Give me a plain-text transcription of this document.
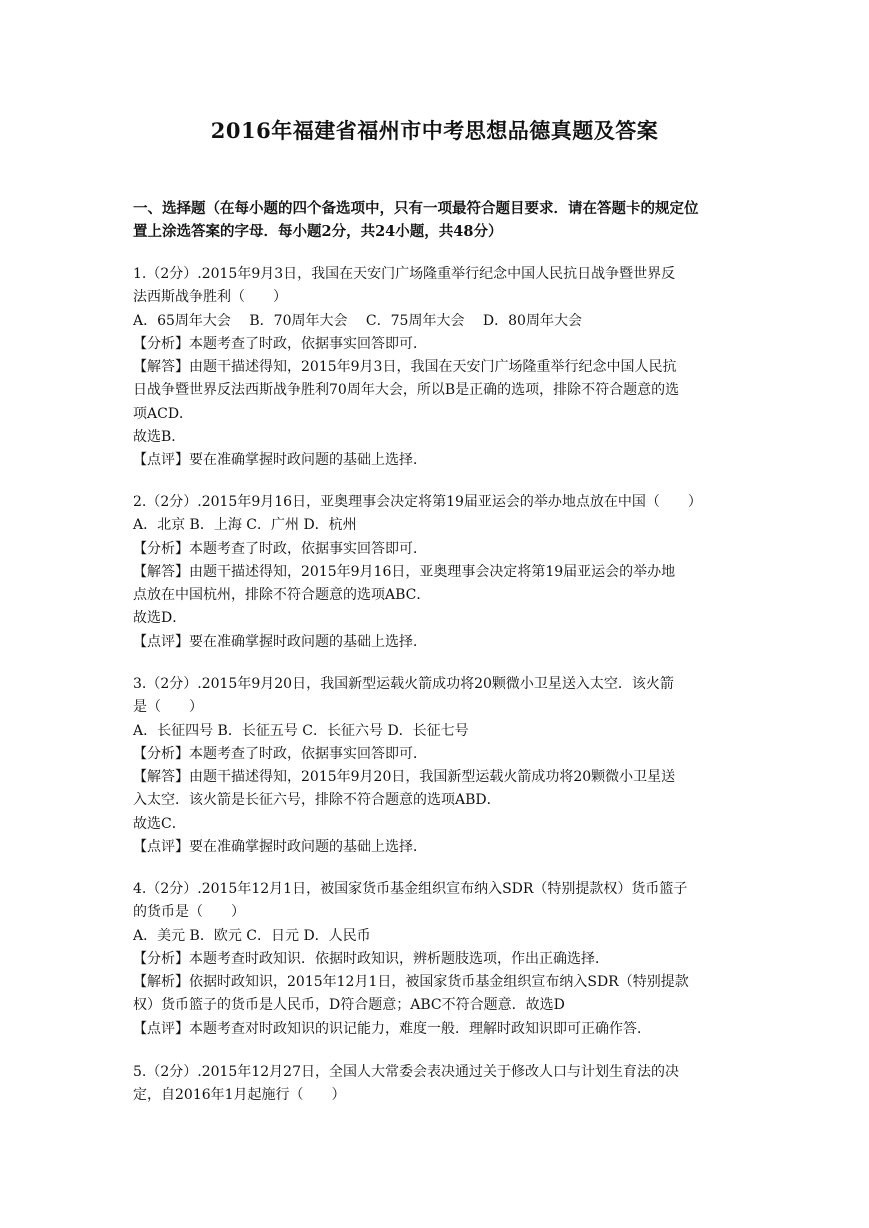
2016年福建省福州市中考思想品德真题及答案
一、选择题（在每小题的四个备选项中，只有一项最符合题目要求．请在答题卡的规定位
置上涂选答案的字母．每小题2分，共24小题，共48分）

1.（2分）.2015年9月3日，我国在天安门广场隆重举行纪念中国人民抗日战争暨世界反

法西斯战争胜利（　　）

A．65周年大会　 B．70周年大会　 C．75周年大会　 D．80周年大会

【分析】本题考查了时政，依据事实回答即可．

【解答】由题干描述得知，2015年9月3日，我国在天安门广场隆重举行纪念中国人民抗

日战争暨世界反法西斯战争胜利70周年大会，所以B是正确的选项，排除不符合题意的选

项ACD．

故选B．

【点评】要在准确掌握时政问题的基础上选择．

2.（2分）.2015年9月16日，亚奥理事会决定将第19届亚运会的举办地点放在中国（　　）

A．北京 B．上海 C．广州 D．杭州

【分析】本题考查了时政，依据事实回答即可．

【解答】由题干描述得知，2015年9月16日，亚奥理事会决定将第19届亚运会的举办地

点放在中国杭州，排除不符合题意的选项ABC．

故选D．

【点评】要在准确掌握时政问题的基础上选择．

3.（2分）.2015年9月20日，我国新型运载火箭成功将20颗微小卫星送入太空．该火箭

是（　　）

A．长征四号 B．长征五号 C．长征六号 D．长征七号

【分析】本题考查了时政，依据事实回答即可．

【解答】由题干描述得知，2015年9月20日，我国新型运载火箭成功将20颗微小卫星送

入太空．该火箭是长征六号，排除不符合题意的选项ABD．

故选C．

【点评】要在准确掌握时政问题的基础上选择．

4.（2分）.2015年12月1日，被国家货币基金组织宣布纳入SDR（特别提款权）货币篮子

的货币是（　　）

A．美元 B．欧元 C．日元 D．人民币

【分析】本题考查时政知识．依据时政知识，辨析题肢选项，作出正确选择．

【解析】依据时政知识，2015年12月1日，被国家货币基金组织宣布纳入SDR（特别提款

权）货币篮子的货币是人民币，D符合题意；ABC不符合题意．故选D

【点评】本题考查对时政知识的识记能力，难度一般．理解时政知识即可正确作答．

5.（2分）.2015年12月27日，全国人大常委会表决通过关于修改人口与计划生育法的决

定，自2016年1月起施行（　　）
